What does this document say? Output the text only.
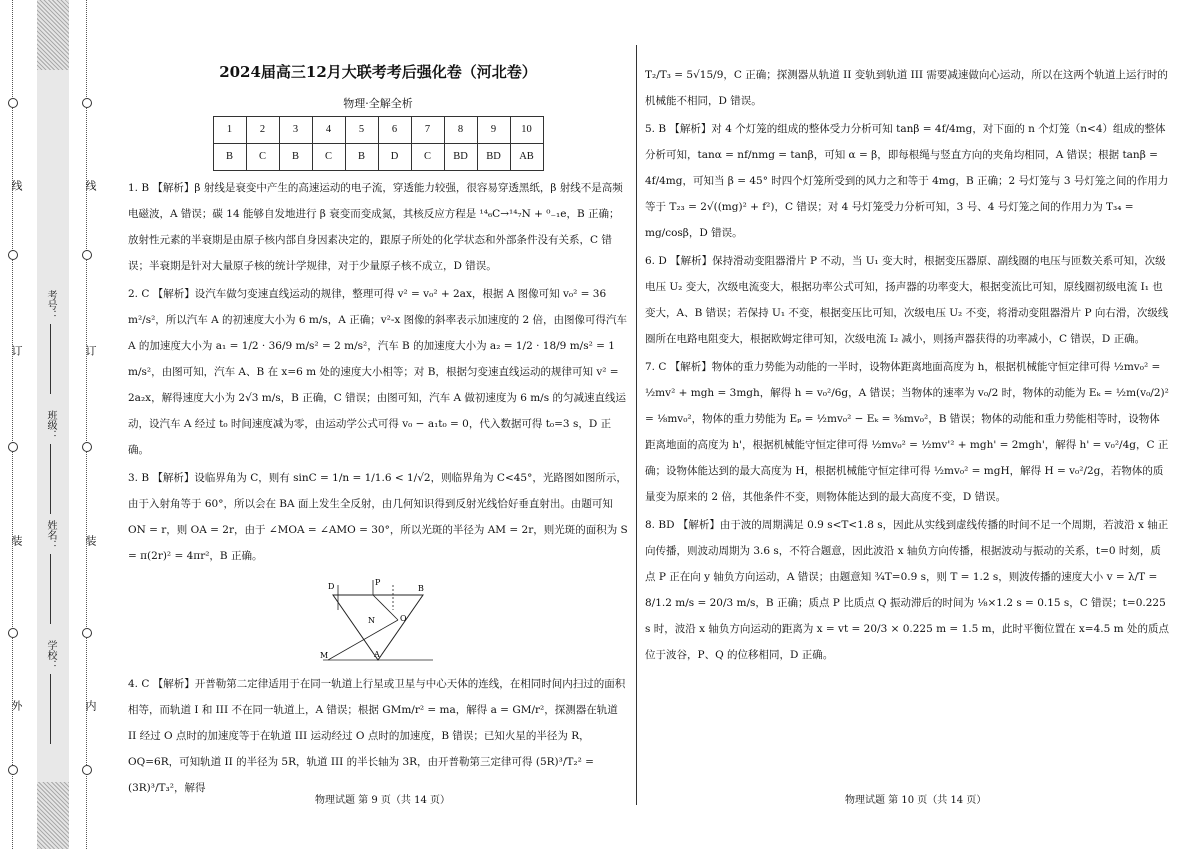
线
订
装
外
线
订
装
内
学校：
姓名：
班级：
考号：
2024届高三12月大联考考后强化卷（河北卷）
物理·全解全析
1	2	3	4	5	6	7	8	9	10
B	C	B	C	B	D	C	BD	BD	AB

1. B 【解析】β 射线是衰变中产生的高速运动的电子流，穿透能力较强，很容易穿透黑纸，β 射线不是高频电磁波，A 错误；碳 14 能够自发地进行 β 衰变而变成氮，其核反应方程是 ¹⁴₆C→¹⁴₇N + ⁰₋₁e，B 正确；放射性元素的半衰期是由原子核内部自身因素决定的，跟原子所处的化学状态和外部条件没有关系，C 错误；半衰期是针对大量原子核的统计学规律，对于少量原子核不成立，D 错误。

2. C 【解析】设汽车做匀变速直线运动的规律，整理可得 v² = v₀² + 2ax，根据 A 图像可知 v₀² = 36 m²/s²，所以汽车 A 的初速度大小为 6 m/s，A 正确；v²-x 图像的斜率表示加速度的 2 倍，由图像可得汽车 A 的加速度大小为 a₁ = 1/2 · 36/9 m/s² = 2 m/s²，汽车 B 的加速度大小为 a₂ = 1/2 · 18/9 m/s² = 1 m/s²，由图可知，汽车 A、B 在 x=6 m 处的速度大小相等；对 B，根据匀变速直线运动的规律可知 v² = 2a₂x，解得速度大小为 2√3 m/s，B 正确，C 错误；由图可知，汽车 A 做初速度为 6 m/s 的匀减速直线运动，设汽车 A 经过 t₀ 时间速度减为零，由运动学公式可得 v₀ − a₁t₀ = 0，代入数据可得 t₀=3 s，D 正确。

3. B 【解析】设临界角为 C，则有 sinC = 1/n = 1/1.6 < 1/√2，则临界角为 C<45°，光路图如图所示，由于入射角等于 60°，所以会在 BA 面上发生全反射，由几何知识得到反射光线恰好垂直射出。由题可知 ON = r，则 OA = 2r，由于 ∠MOA = ∠AMO = 30°，所以光斑的半径为 AM = 2r，则光斑的面积为 S = π(2r)² = 4πr²，B 正确。

D	P
B
N	O
M	A

4. C 【解析】开普勒第二定律适用于在同一轨道上行星或卫星与中心天体的连线，在相同时间内扫过的面积相等，而轨道 I 和 III 不在同一轨道上，A 错误；根据 GMm/r² = ma，解得 a = GM/r²，探测器在轨道 II 经过 O 点时的加速度等于在轨道 III 运动经过 O 点时的加速度，B 错误；已知火星的半径为 R，OQ=6R，可知轨道 II 的半径为 5R，轨道 III 的半长轴为 3R，由开普勒第三定律可得 (5R)³/T₂² = (3R)³/T₃²，解得

T₂/T₃ = 5√15/9，C 正确；探测器从轨道 II 变轨到轨道 III 需要减速做向心运动，所以在这两个轨道上运行时的机械能不相同，D 错误。

5. B 【解析】对 4 个灯笼的组成的整体受力分析可知 tanβ = 4f/4mg，对下面的 n 个灯笼（n<4）组成的整体分析可知，tanα = nf/nmg = tanβ，可知 α = β，即每根绳与竖直方向的夹角均相同，A 错误；根据 tanβ = 4f/4mg，可知当 β = 45° 时四个灯笼所受到的风力之和等于 4mg，B 正确；2 号灯笼与 3 号灯笼之间的作用力等于 T₂₃ = 2√((mg)² + f²)，C 错误；对 4 号灯笼受力分析可知，3 号、4 号灯笼之间的作用力为 T₃₄ = mg/cosβ，D 错误。

6. D 【解析】保持滑动变阻器滑片 P 不动，当 U₁ 变大时，根据变压器原、副线圈的电压与匝数关系可知，次级电压 U₂ 变大，次级电流变大，根据功率公式可知，扬声器的功率变大，根据变流比可知，原线圈初级电流 I₁ 也变大，A、B 错误；若保持 U₁ 不变，根据变压比可知，次级电压 U₂ 不变，将滑动变阻器滑片 P 向右滑，次级线圈所在电路电阻变大，根据欧姆定律可知，次级电流 I₂ 减小，则扬声器获得的功率减小，C 错误，D 正确。

7. C 【解析】物体的重力势能为动能的一半时，设物体距离地面高度为 h，根据机械能守恒定律可得 ½mv₀² = ½mv² + mgh = 3mgh，解得 h = v₀²/6g，A 错误；当物体的速率为 v₀/2 时，物体的动能为 Eₖ = ½m(v₀/2)² = ⅛mv₀²，物体的重力势能为 Eₚ = ½mv₀² − Eₖ = ⅜mv₀²，B 错误；物体的动能和重力势能相等时，设物体距离地面的高度为 h'，根据机械能守恒定律可得 ½mv₀² = ½mv'² + mgh' = 2mgh'，解得 h' = v₀²/4g，C 正确；设物体能达到的最大高度为 H，根据机械能守恒定律可得 ½mv₀² = mgH，解得 H = v₀²/2g，若物体的质量变为原来的 2 倍，其他条件不变，则物体能达到的最大高度不变，D 错误。

8. BD 【解析】由于波的周期满足 0.9 s<T<1.8 s，因此从实线到虚线传播的时间不足一个周期，若波沿 x 轴正向传播，则波动周期为 3.6 s，不符合题意，因此波沿 x 轴负方向传播，根据波动与振动的关系，t=0 时刻，质点 P 正在向 y 轴负方向运动，A 错误；由题意知 ¾T=0.9 s，则 T = 1.2 s，则波传播的速度大小 v = λ/T = 8/1.2 m/s = 20/3 m/s，B 正确；质点 P 比质点 Q 振动滞后的时间为 ⅛×1.2 s = 0.15 s，C 错误；t=0.225 s 时，波沿 x 轴负方向运动的距离为 x = vt = 20/3 × 0.225 m = 1.5 m，此时平衡位置在 x=4.5 m 处的质点位于波谷，P、Q 的位移相同，D 正确。

物理试题 第 9 页（共 14 页）	物理试题 第 10 页（共 14 页）
